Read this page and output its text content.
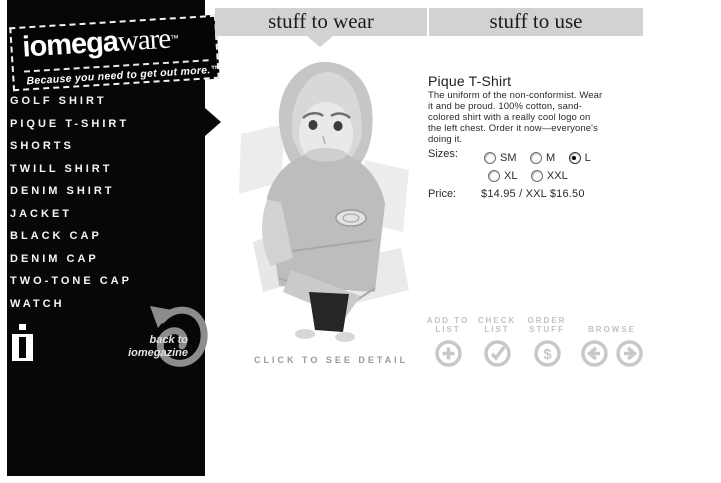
iomegaware™
Because you need to get out more.™
GOLF SHIRT
PIQUE T-SHIRT
SHORTS
TWILL SHIRT
DENIM SHIRT
JACKET
BLACK CAP
DENIM CAP
TWO-TONE CAP
WATCH
back to
iomegazine
stuff to wear	stuff to use
CLICK TO SEE DETAIL
Pique T-Shirt
The uniform of the non-conformist. Wear it and be proud. 100% cotton, sand-colored shirt with a really cool logo on the left chest. Order it now—everyone's doing it.
Sizes:	SM
	M
	L
XL
	XXL
Price: $14.95 / XXL $16.50
ADD TO
LIST
CHECK
LIST
ORDER
STUFF
$
BROWSE
